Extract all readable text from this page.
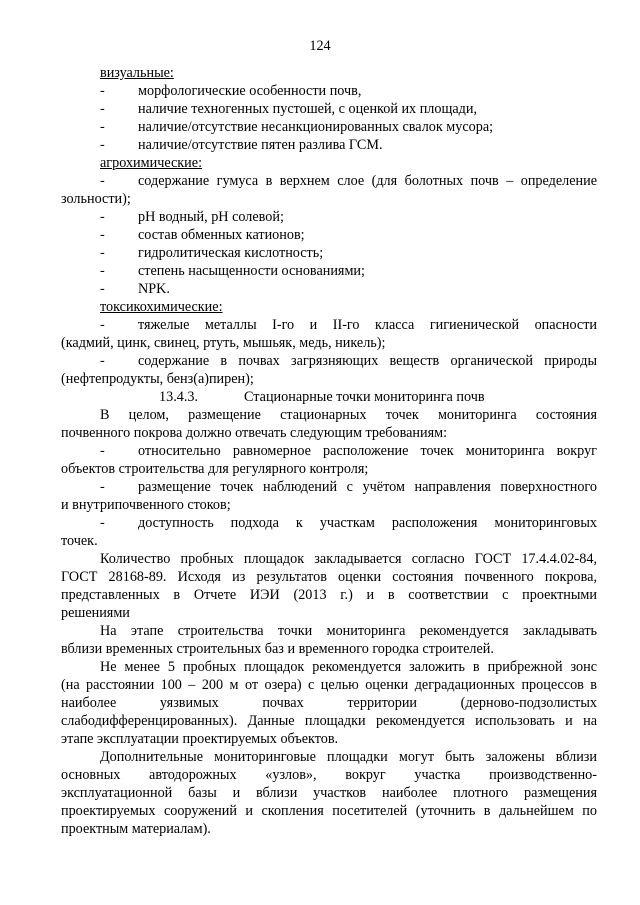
124
визуальные:
- морфологические особенности почв,
- наличие техногенных пустошей, с оценкой их площади,
- наличие/отсутствие несанкционированных свалок мусора;
- наличие/отсутствие пятен разлива ГСМ.
агрохимические:
- содержание гумуса в верхнем слое (для болотных почв – определение
зольности);
- рН водный, рН солевой;
- состав обменных катионов;
- гидролитическая кислотность;
- степень насыщенности основаниями;
- NPK.
токсикохимические:
- тяжелые металлы I-го и II-го класса гигиенической опасности
(кадмий, цинк, свинец, ртуть, мышьяк, медь, никель);
- содержание в почвах загрязняющих веществ органической природы
(нефтепродукты, бенз(а)пирен);
13.4.3.	Стационарные точки мониторинга почв
В целом, размещение стационарных точек мониторинга состояния
почвенного покрова должно отвечать следующим требованиям:
- относительно равномерное расположение точек мониторинга вокруг
объектов строительства для регулярного контроля;
- размещение точек наблюдений с учётом направления поверхностного
и внутрипочвенного стоков;
- доступность подхода к участкам расположения мониторинговых
точек.
Количество пробных площадок закладывается согласно ГОСТ 17.4.4.02-84,
ГОСТ 28168-89. Исходя из результатов оценки состояния почвенного покрова,
представленных в Отчете ИЭИ (2013 г.) и в соответствии с проектными
решениями
На этапе строительства точки мониторинга рекомендуется закладывать
вблизи временных строительных баз и временного городка строителей.
Не менее 5 пробных площадок рекомендуется заложить в прибрежной зонс
(на расстоянии 100 – 200 м от озера) с целью оценки деградационных процессов в
наиболее уязвимых почвах территории (дерново-подзолистых
слабодифференцированных). Данные площадки рекомендуется использовать и на
этапе эксплуатации проектируемых объектов.
Дополнительные мониторинговые площадки могут быть заложены вблизи
основных автодорожных «узлов», вокруг участка производственно-
эксплуатационной базы и вблизи участков наиболее плотного размещения
проектируемых сооружений и скопления посетителей (уточнить в дальнейшем по
проектным материалам).
